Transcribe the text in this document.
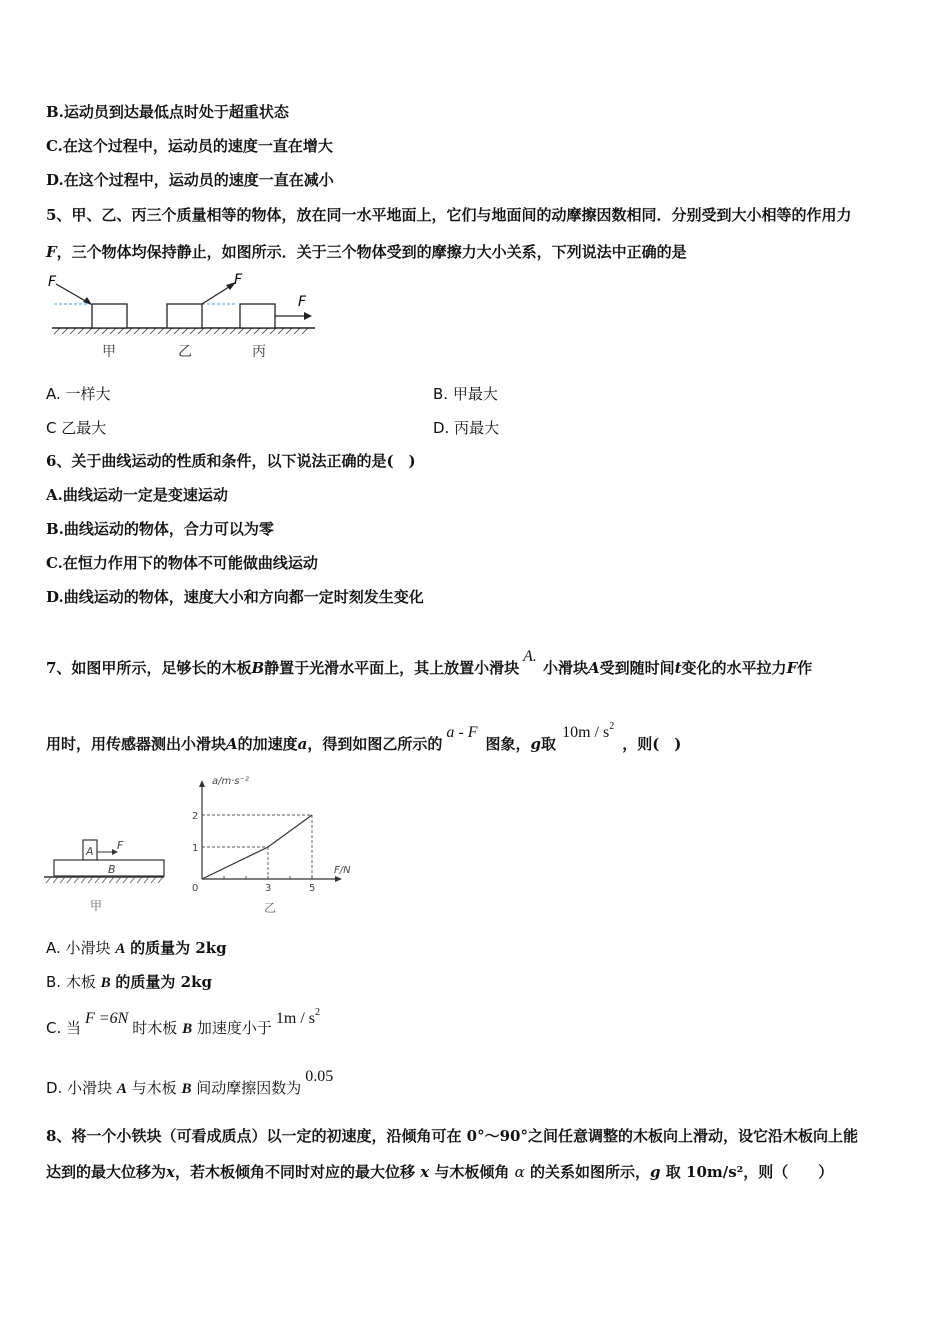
B.运动员到达最低点时处于超重状态
C.在这个过程中，运动员的速度一直在增大
D.在这个过程中，运动员的速度一直在减小
5、甲、乙、丙三个质量相等的物体，放在同一水平地面上，它们与地面间的动摩擦因数相同．分别受到大小相等的作用力
F，三个物体均保持静止，如图所示．关于三个物体受到的摩擦力大小关系，下列说法中正确的是
F	F
F
甲	乙	丙
A. 一样大	B. 甲最大
C 乙最大	D. 丙最大
6、关于曲线运动的性质和条件，以下说法正确的是(　)
A.曲线运动一定是变速运动
B.曲线运动的物体，合力可以为零
C.在恒力作用下的物体不可能做曲线运动
D.曲线运动的物体，速度大小和方向都一定时刻发生变化
7、如图甲所示，足够长的木板B静置于光滑水平面上，其上放置小滑块A.小滑块A受到随时间t变化的水平拉力F作
用时，用传感器测出小滑块A的加速度a，得到如图乙所示的a - F图象，g取$10m / s^2$，则(　)
A
B
F
甲
0	3	5
1
2
a/m·s⁻²
F/N
乙
A. 小滑块 A 的质量为 2kg
B. 木板 B 的质量为 2kg
C. 当F =6N时木板 B 加速度小于$1m / s^2$
D. 小滑块 A 与木板 B 间动摩擦因数为0.05
8、将一个小铁块（可看成质点）以一定的初速度，沿倾角可在 0°～90°之间任意调整的木板向上滑动，设它沿木板向上能
达到的最大位移为x，若木板倾角不同时对应的最大位移 x 与木板倾角 α 的关系如图所示，g 取 10m/s²，则（　　）
